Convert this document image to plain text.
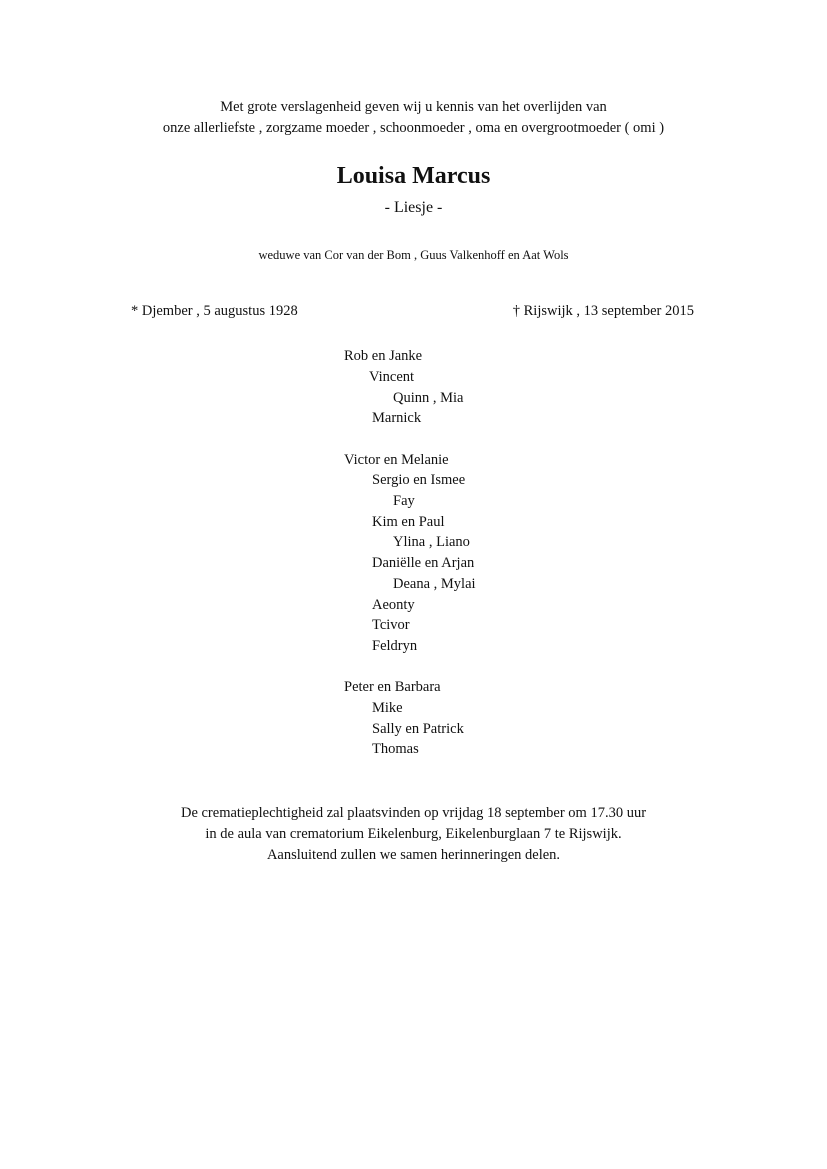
Met grote verslagenheid geven wij u kennis van het overlijden van
onze allerliefste , zorgzame moeder , schoonmoeder , oma en overgrootmoeder ( omi )
Louisa Marcus
- Liesje -
weduwe van Cor van der Bom , Guus Valkenhoff en Aat Wols
* Djember , 5 augustus 1928	† Rijswijk , 13 september 2015
Rob en Janke
Vincent
Quinn , Mia
Marnick
Victor en Melanie
Sergio en Ismee
Fay
Kim en Paul
Ylina , Liano
Daniëlle en Arjan
Deana , Mylai
Aeonty
Tcivor
Feldryn
Peter en Barbara
Mike
Sally en Patrick
Thomas
De crematieplechtigheid zal plaatsvinden op vrijdag 18 september om 17.30 uur
in de aula van crematorium Eikelenburg, Eikelenburglaan 7 te Rijswijk.
Aansluitend zullen we samen herinneringen delen.
